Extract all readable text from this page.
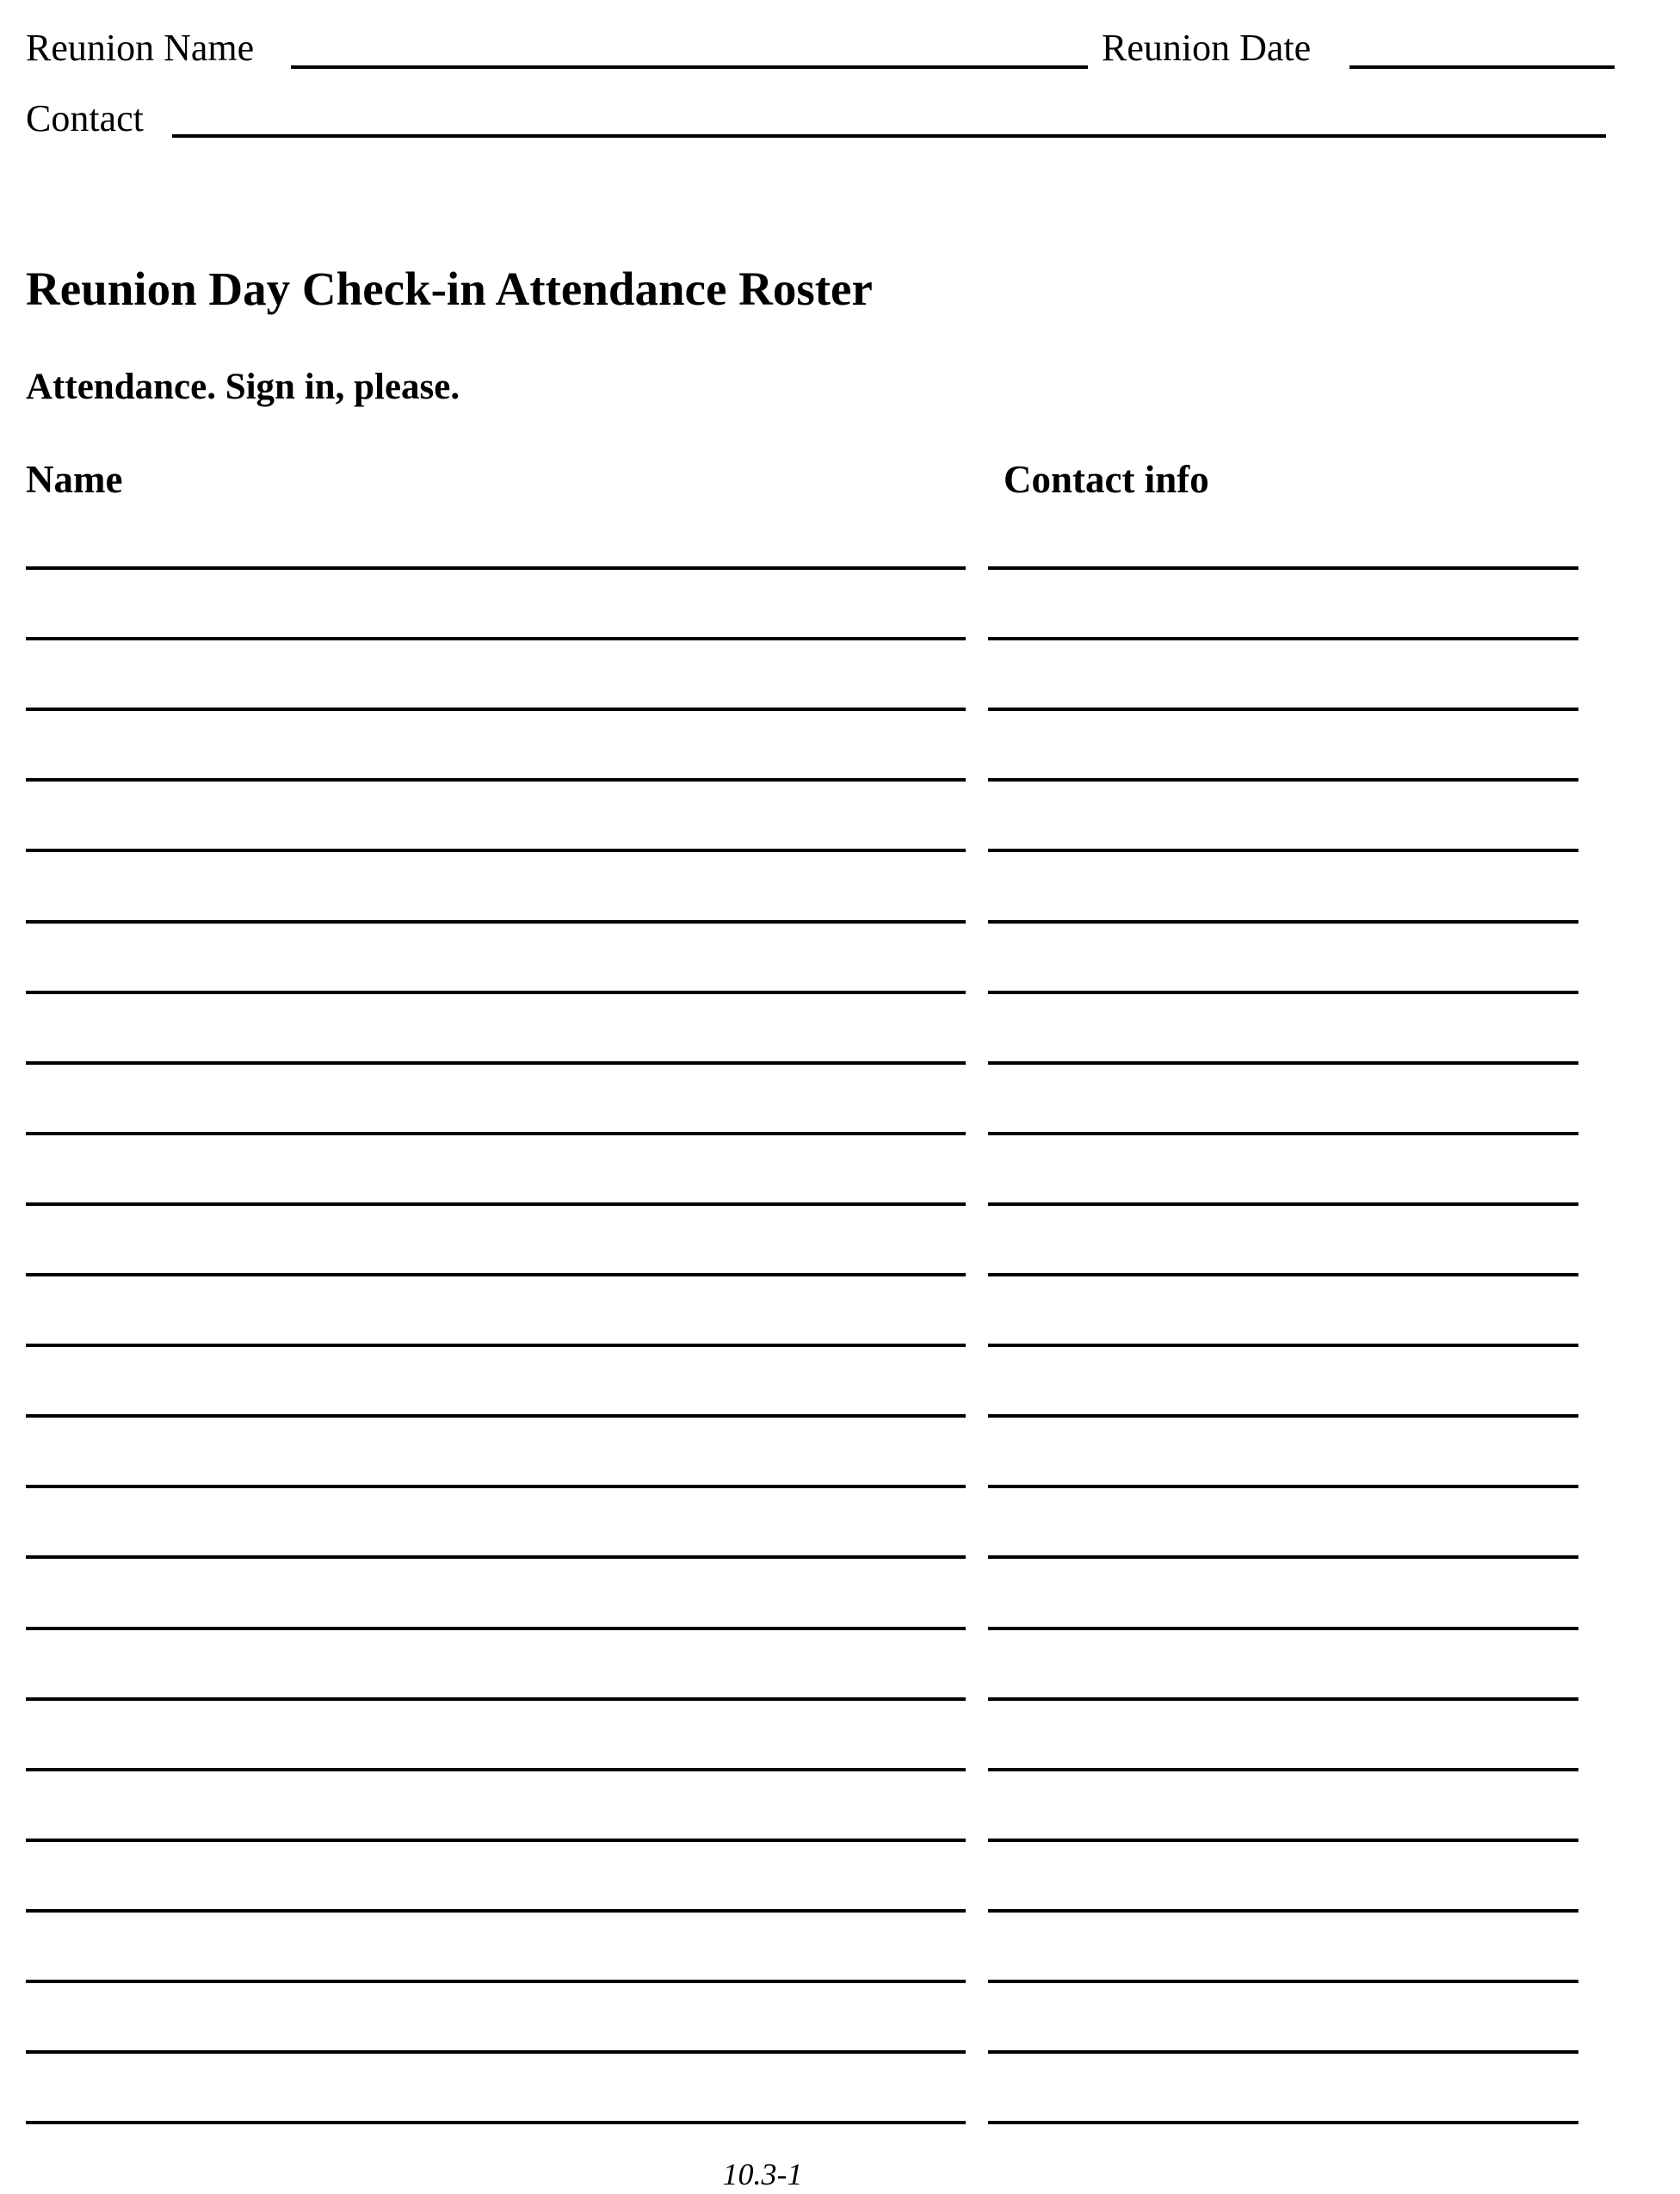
Reunion Name	Reunion Date
Contact
Reunion Day Check-in Attendance Roster
Attendance. Sign in, please.
Name	Contact info
10.3-1
